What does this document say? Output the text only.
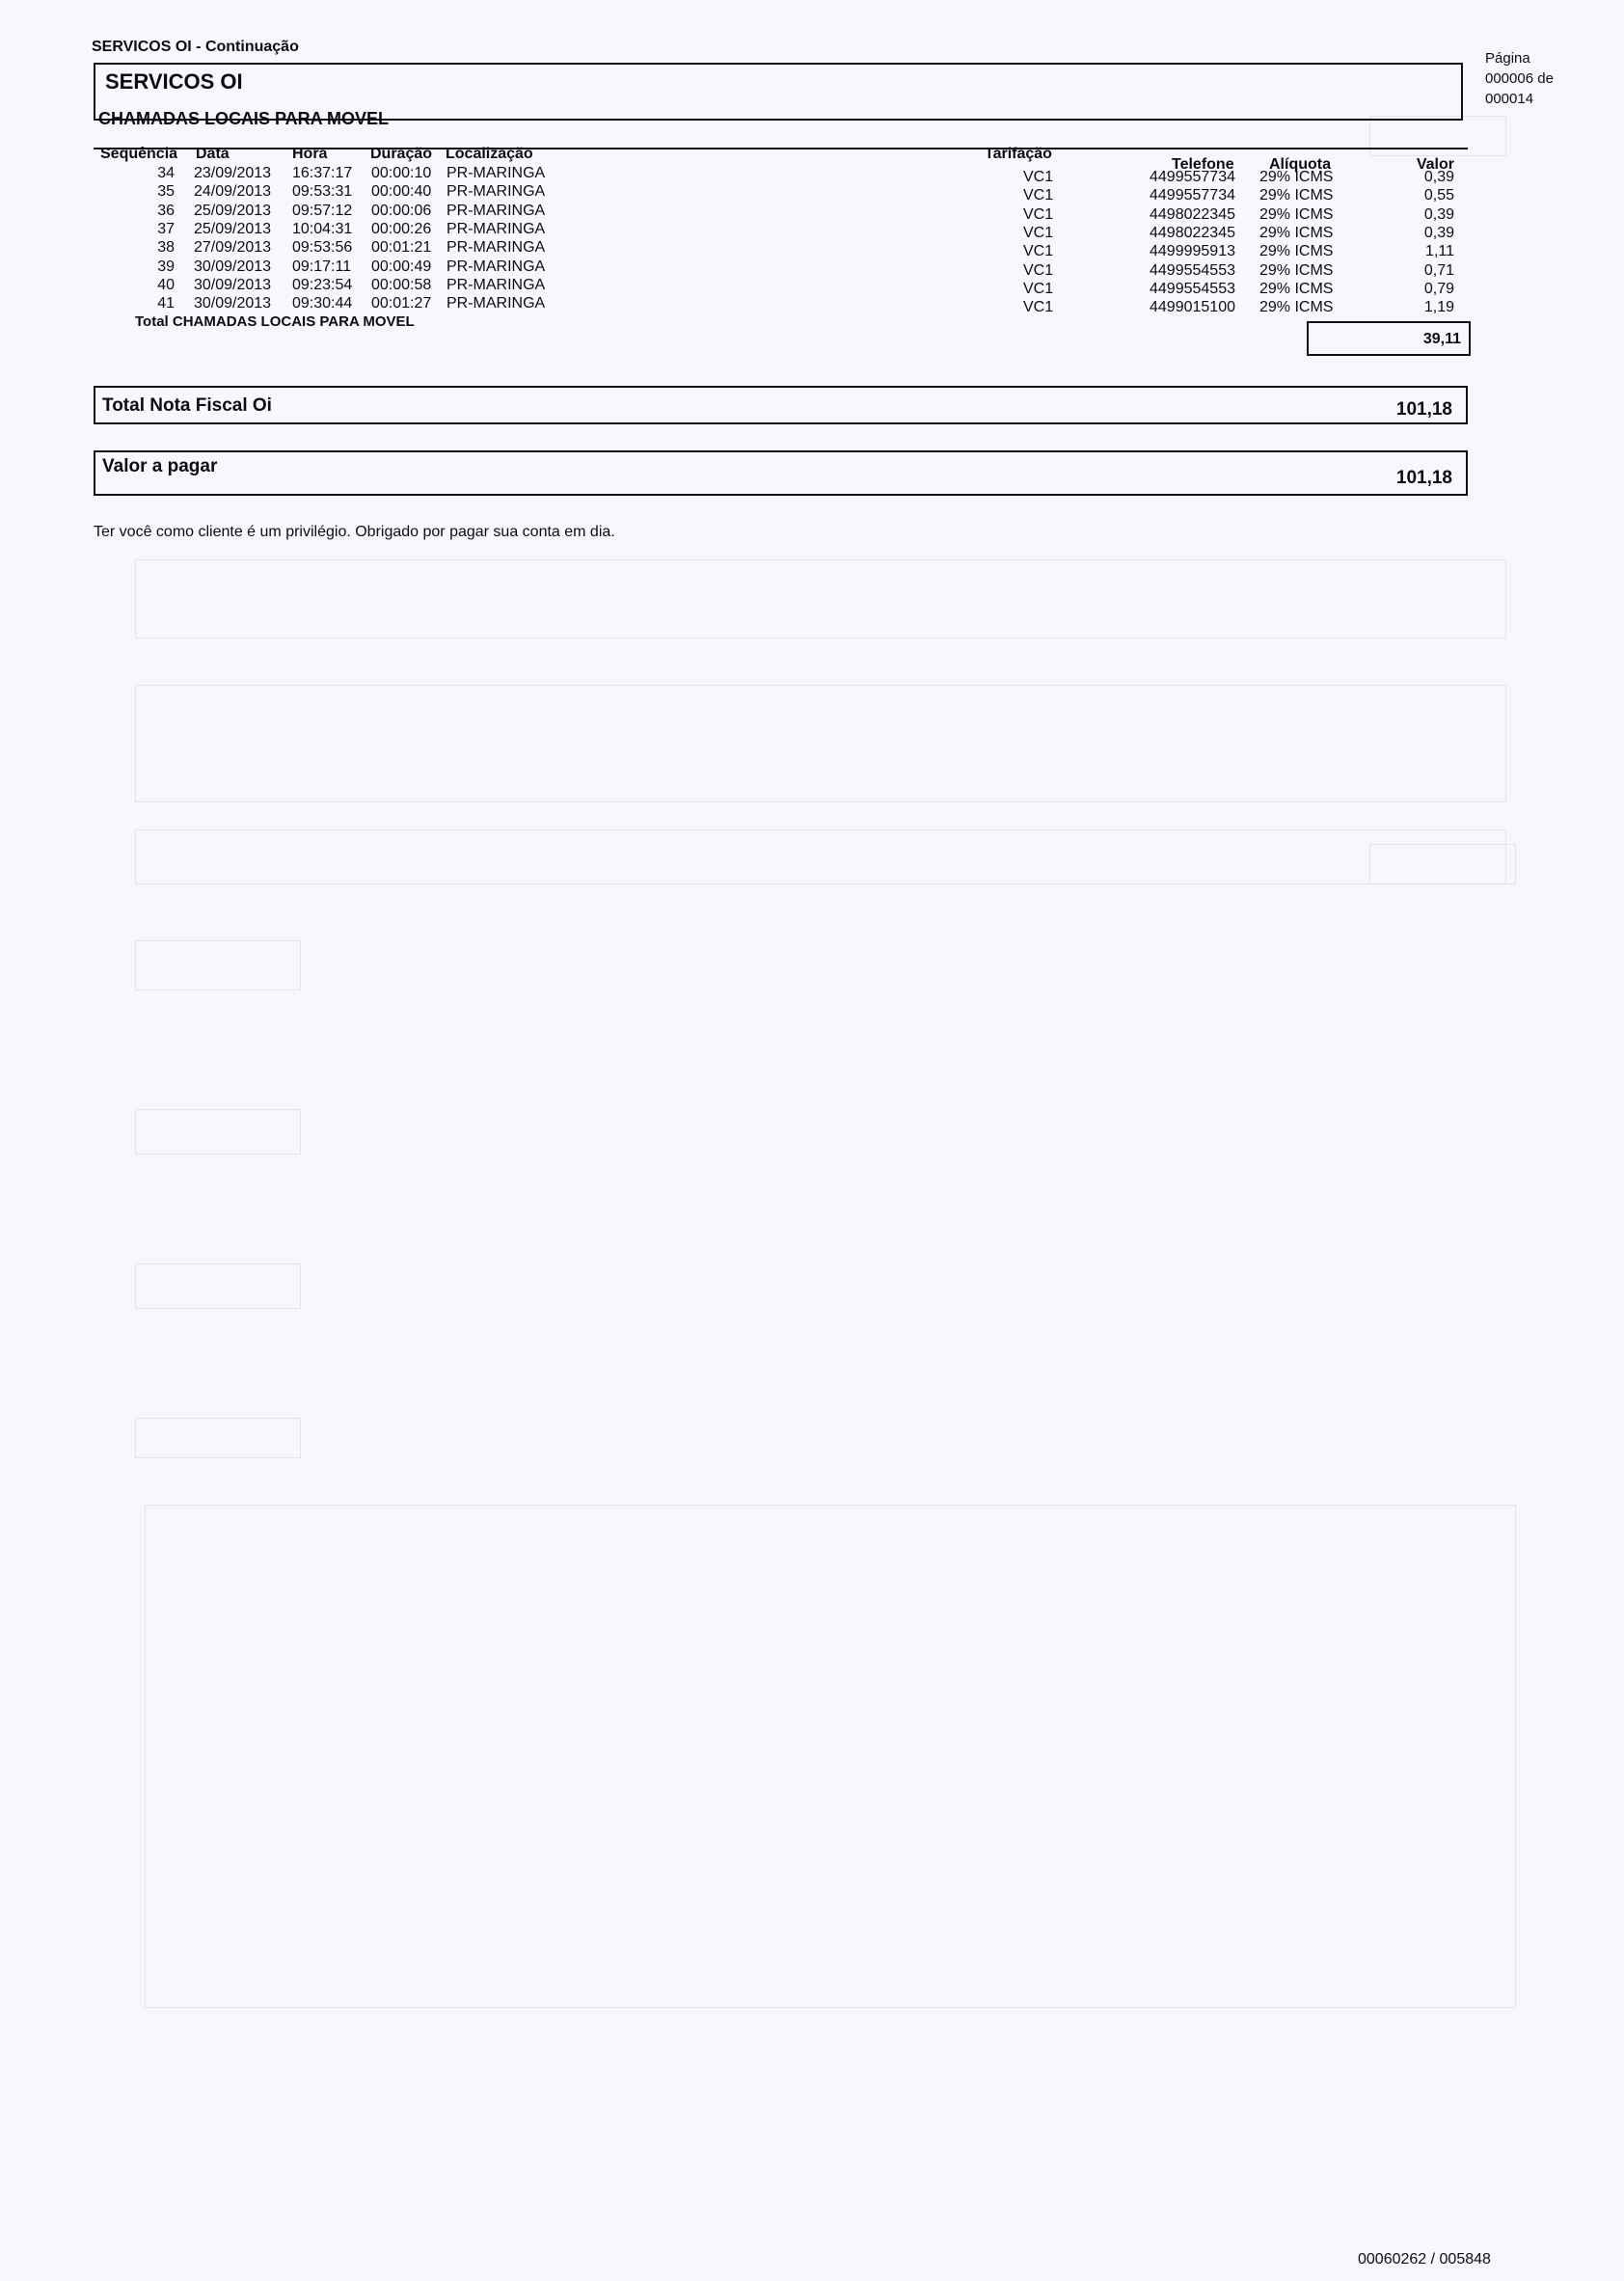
SERVICOS OI - Continuação
SERVICOS OI
Página
000006 de
000014
CHAMADAS LOCAIS PARA MOVEL
Sequência Data	Hora	Duração Localização	Tarifação
Telefone Alíquota	Valor
34 23/09/2013 16:37:17 00:00:10 PR-MARINGA	VC1	4499557734 29% ICMS	0,39
35 24/09/2013 09:53:31 00:00:40 PR-MARINGA	VC1	4499557734 29% ICMS	0,55
36 25/09/2013 09:57:12 00:00:06 PR-MARINGA	VC1	4498022345 29% ICMS	0,39
37 25/09/2013 10:04:31 00:00:26 PR-MARINGA	VC1	4498022345 29% ICMS	0,39
38 27/09/2013 09:53:56 00:01:21 PR-MARINGA	VC1	4499995913 29% ICMS	1,11
39 30/09/2013 09:17:11 00:00:49 PR-MARINGA	VC1	4499554553 29% ICMS	0,71
40 30/09/2013 09:23:54 00:00:58 PR-MARINGA	VC1	4499554553 29% ICMS	0,79
41 30/09/2013 09:30:44 00:01:27 PR-MARINGA	VC1	4499015100 29% ICMS	1,19
Total CHAMADAS LOCAIS PARA MOVEL
39,11
Total Nota Fiscal Oi	101,18
Valor a pagar
101,18
Ter você como cliente é um privilégio. Obrigado por pagar sua conta em dia.
00060262 / 005848
